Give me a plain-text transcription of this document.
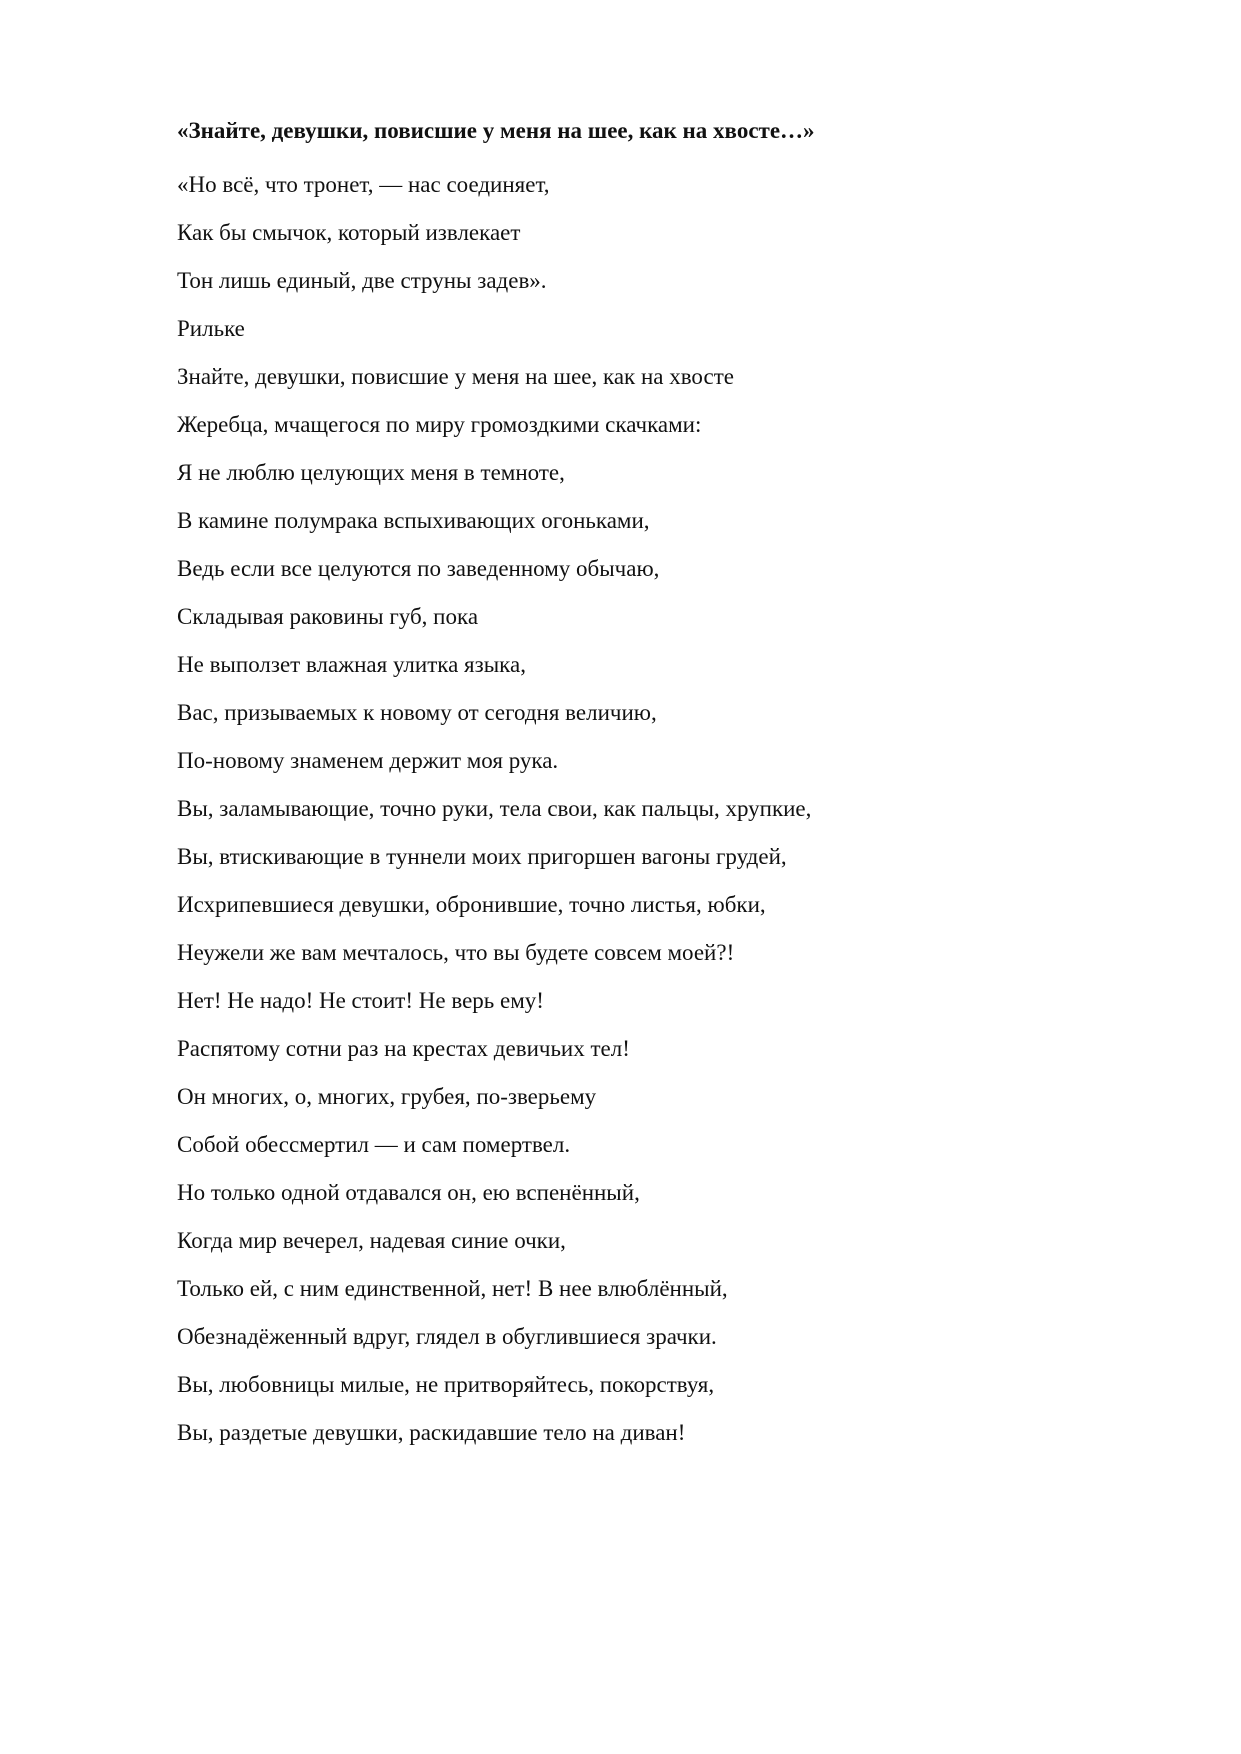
«Знайте, девушки, повисшие у меня на шее, как на хвосте…»
«Но всё, что тронет, — нас соединяет,
Как бы смычок, который извлекает
Тон лишь единый, две струны задев».
Рильке
Знайте, девушки, повисшие у меня на шее, как на хвосте
Жеребца, мчащегося по миру громоздкими скачками:
Я не люблю целующих меня в темноте,
В камине полумрака вспыхивающих огоньками,
Ведь если все целуются по заведенному обычаю,
Складывая раковины губ, пока
Не выползет влажная улитка языка,
Вас, призываемых к новому от сегодня величию,
По-новому знаменем держит моя рука.
Вы, заламывающие, точно руки, тела свои, как пальцы, хрупкие,
Вы, втискивающие в туннели моих пригоршен вагоны грудей,
Исхрипевшиеся девушки, обронившие, точно листья, юбки,
Неужели же вам мечталось, что вы будете совсем моей?!
Нет! Не надо! Не стоит! Не верь ему!
Распятому сотни раз на крестах девичьих тел!
Он многих, о, многих, грубея, по-зверьему
Собой обессмертил — и сам помертвел.
Но только одной отдавался он, ею вспенённый,
Когда мир вечерел, надевая синие очки,
Только ей, с ним единственной, нет! В нее влюблённый,
Обезнадёженный вдруг, глядел в обуглившиеся зрачки.
Вы, любовницы милые, не притворяйтесь, покорствуя,
Вы, раздетые девушки, раскидавшие тело на диван!
